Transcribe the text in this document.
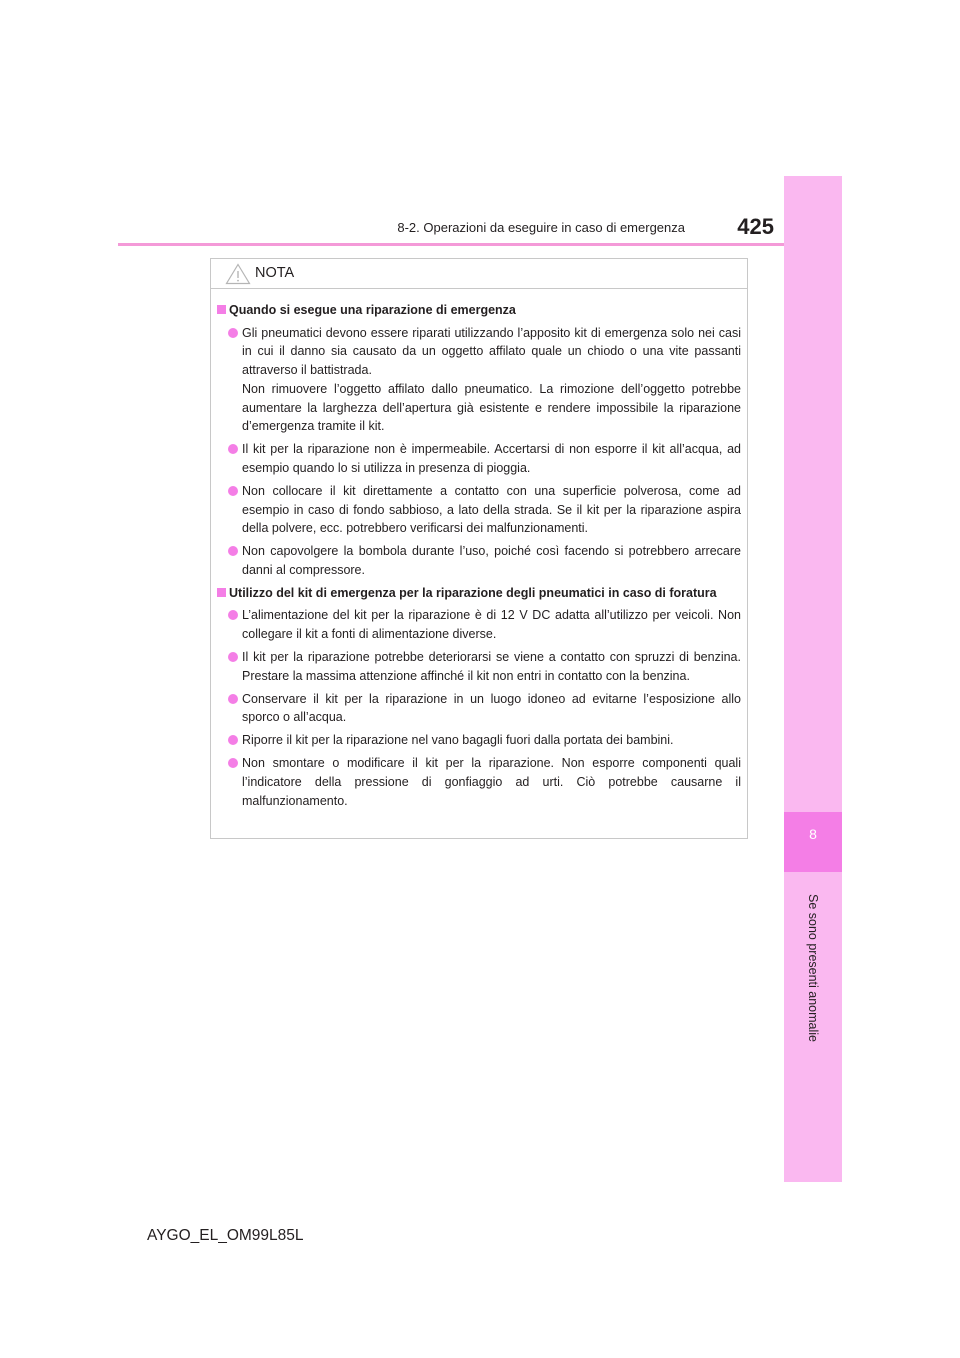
8-2. Operazioni da eseguire in caso di emergenza	425
8
Se sono presenti anomalie
NOTA
Quando si esegue una riparazione di emergenza

Gli pneumatici devono essere riparati utilizzando l’apposito kit di emergenza solo nei casi in cui il danno sia causato da un oggetto affilato quale un chiodo o una vite passanti attraverso il battistrada.

Non rimuovere l’oggetto affilato dallo pneumatico. La rimozione dell’oggetto potrebbe aumentare la larghezza dell’apertura già esistente e rendere impossibile la riparazione d’emergenza tramite il kit.

Il kit per la riparazione non è impermeabile. Accertarsi di non esporre il kit all’acqua, ad esempio quando lo si utilizza in presenza di pioggia.

Non collocare il kit direttamente a contatto con una superficie polverosa, come ad esempio in caso di fondo sabbioso, a lato della strada. Se il kit per la riparazione aspira della polvere, ecc. potrebbero verificarsi dei malfunzionamenti.

Non capovolgere la bombola durante l’uso, poiché così facendo si potrebbero arrecare danni al compressore.

Utilizzo del kit di emergenza per la riparazione degli pneumatici in caso di foratura

L’alimentazione del kit per la riparazione è di 12 V DC adatta all’utilizzo per veicoli. Non collegare il kit a fonti di alimentazione diverse.

Il kit per la riparazione potrebbe deteriorarsi se viene a contatto con spruzzi di benzina. Prestare la massima attenzione affinché il kit non entri in contatto con la benzina.

Conservare il kit per la riparazione in un luogo idoneo ad evitarne l’esposizione allo sporco o all’acqua.

Riporre il kit per la riparazione nel vano bagagli fuori dalla portata dei bambini.

Non smontare o modificare il kit per la riparazione. Non esporre componenti quali l’indicatore della pressione di gonfiaggio ad urti. Ciò potrebbe causarne il malfunzionamento.

AYGO_EL_OM99L85L
